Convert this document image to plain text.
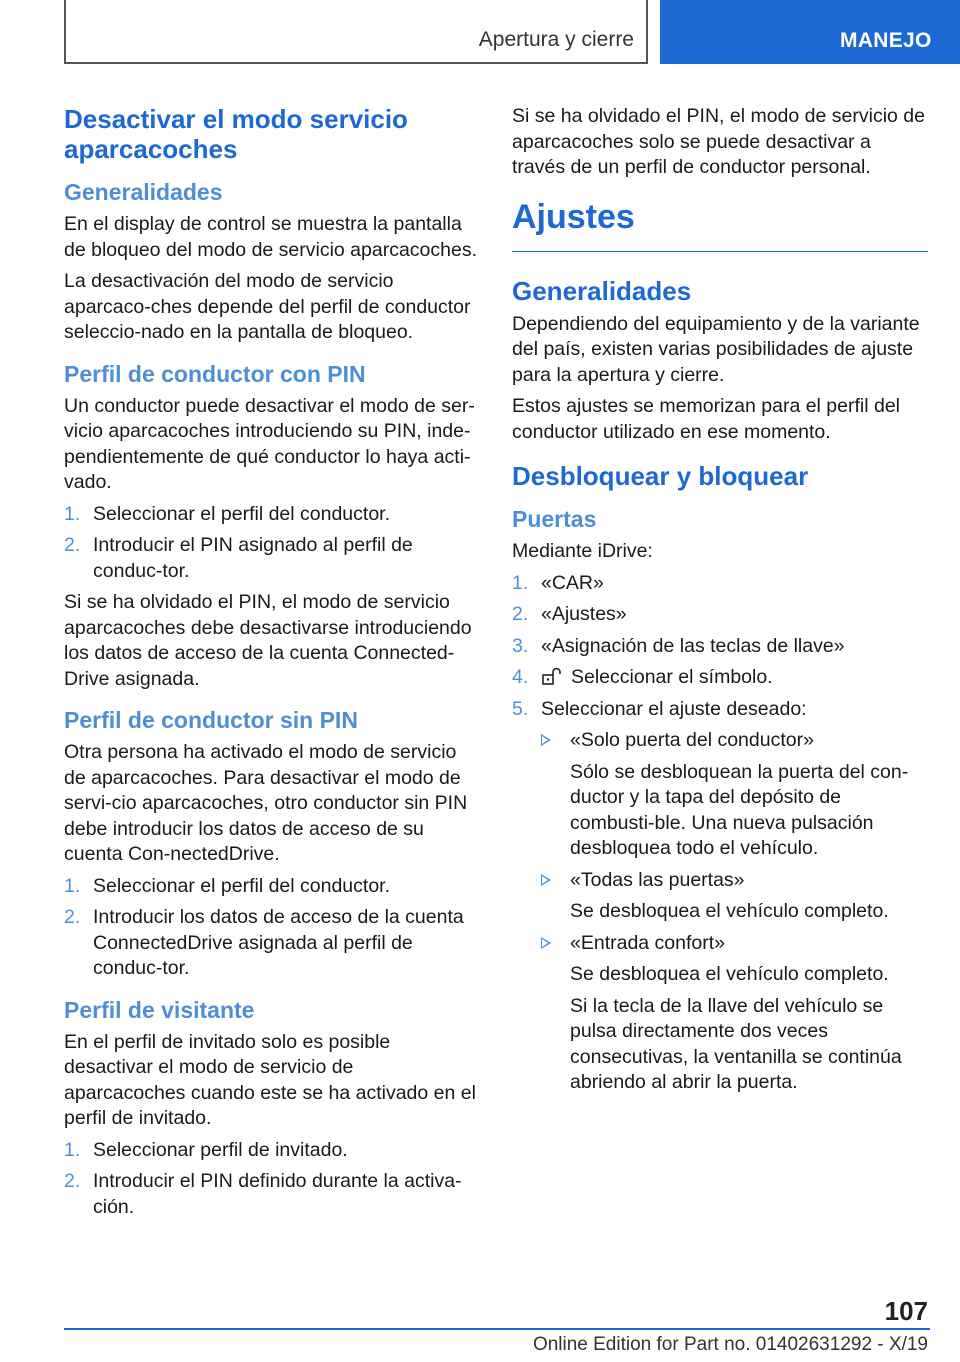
Apertura y cierre	MANEJO
Desactivar el modo servicio aparcacoches
Generalidades

En el display de control se muestra la pantalla de bloqueo del modo de servicio aparcacoches.

La desactivación del modo de servicio aparcaco‐ches depende del perfil de conductor seleccio‐nado en la pantalla de bloqueo.

Perfil de conductor con PIN

Un conductor puede desactivar el modo de ser‐vicio aparcacoches introduciendo su PIN, inde‐pendientemente de qué conductor lo haya acti‐vado.

1. Seleccionar el perfil del conductor.
2. Introducir el PIN asignado al perfil de conduc‐tor.

Si se ha olvidado el PIN, el modo de servicio aparcacoches debe desactivarse introduciendo los datos de acceso de la cuenta Connected‐Drive asignada.

Perfil de conductor sin PIN

Otra persona ha activado el modo de servicio de aparcacoches. Para desactivar el modo de servi‐cio aparcacoches, otro conductor sin PIN debe introducir los datos de acceso de su cuenta Con‐nectedDrive.

1. Seleccionar el perfil del conductor.
2. Introducir los datos de acceso de la cuenta ConnectedDrive asignada al perfil de conduc‐tor.
Perfil de visitante

En el perfil de invitado solo es posible desactivar el modo de servicio de aparcacoches cuando este se ha activado en el perfil de invitado.

1. Seleccionar perfil de invitado.
2. Introducir el PIN definido durante la activa‐ción.

Si se ha olvidado el PIN, el modo de servicio de aparcacoches solo se puede desactivar a través de un perfil de conductor personal.

Ajustes
Generalidades

Dependiendo del equipamiento y de la variante del país, existen varias posibilidades de ajuste para la apertura y cierre.

Estos ajustes se memorizan para el perfil del conductor utilizado en ese momento.

Desbloquear y bloquear
Puertas

Mediante iDrive:

1. «CAR»
2. «Ajustes»
3. «Asignación de las teclas de llave»
4. Seleccionar el símbolo.
5. Seleccionar el ajuste deseado:

«Solo puerta del conductor»

Sólo se desbloquean la puerta del con‐ductor y la tapa del depósito de combusti‐ble. Una nueva pulsación desbloquea todo el vehículo.

«Todas las puertas»

Se desbloquea el vehículo completo.

«Entrada confort»

Se desbloquea el vehículo completo.

Si la tecla de la llave del vehículo se pulsa directamente dos veces consecutivas, la ventanilla se continúa abriendo al abrir la puerta.

107
Online Edition for Part no. 01402631292 - X/19
